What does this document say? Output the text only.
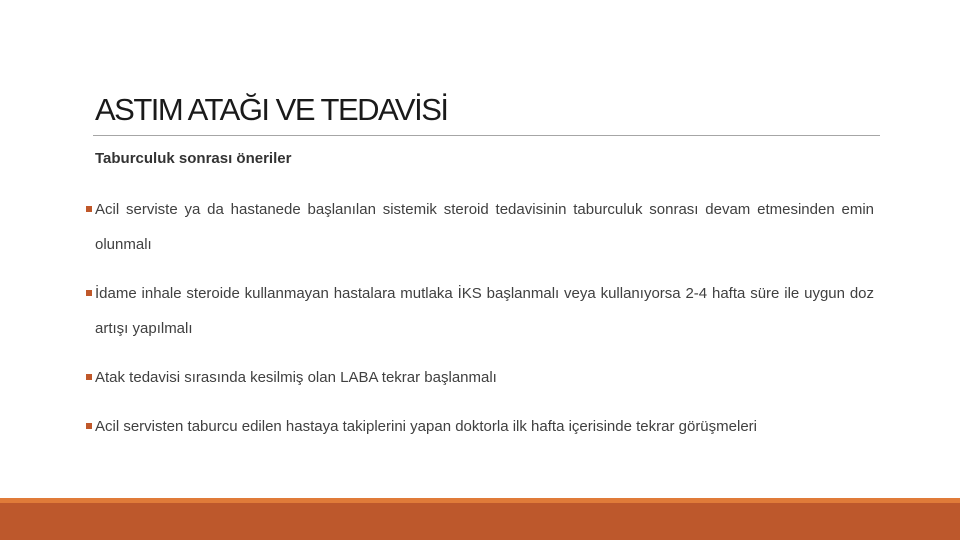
ASTIM ATAĞI VE TEDAVİSİ
Taburculuk sonrası öneriler
Acil serviste ya da hastanede başlanılan sistemik steroid tedavisinin taburculuk sonrası devam etmesinden emin olunmalı
İdame inhale steroide kullanmayan hastalara mutlaka İKS başlanmalı veya kullanıyorsa 2-4 hafta süre ile uygun doz artışı yapılmalı
Atak tedavisi sırasında kesilmiş olan LABA tekrar başlanmalı
Acil servisten taburcu edilen hastaya takiplerini yapan doktorla ilk hafta içerisinde tekrar görüşmeleri
